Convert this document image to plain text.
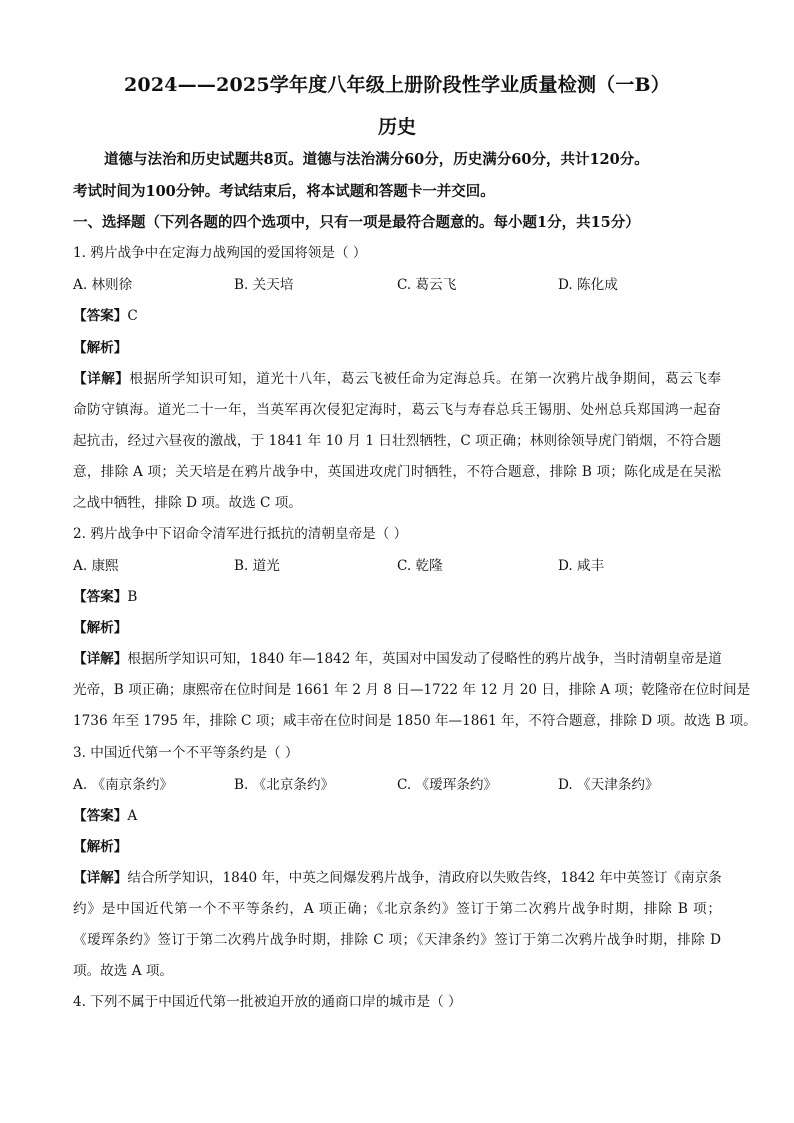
2024——2025学年度八年级上册阶段性学业质量检测（一B）
历史
道德与法治和历史试题共8页。道德与法治满分60分，历史满分60分，共计120分。
考试时间为100分钟。考试结束后，将本试题和答题卡一并交回。
一、选择题（下列各题的四个选项中，只有一项是最符合题意的。每小题1分，共15分）
1. 鸦片战争中在定海力战殉国的爱国将领是（ ）
A. 林则徐	B. 关天培	C. 葛云飞	D. 陈化成
【答案】C
【解析】
【详解】根据所学知识可知，道光十八年，葛云飞被任命为定海总兵。在第一次鸦片战争期间，葛云飞奉
命防守镇海。道光二十一年，当英军再次侵犯定海时，葛云飞与寿春总兵王锡朋、处州总兵郑国鸿一起奋
起抗击，经过六昼夜的激战，于 1841 年 10 月 1 日壮烈牺牲，C 项正确；林则徐领导虎门销烟，不符合题
意，排除 A 项；关天培是在鸦片战争中，英国进攻虎门时牺牲，不符合题意，排除 B 项；陈化成是在吴淞
之战中牺牲，排除 D 项。故选 C 项。
2. 鸦片战争中下诏命令清军进行抵抗的清朝皇帝是（ ）
A. 康熙	B. 道光	C. 乾隆	D. 咸丰
【答案】B
【解析】
【详解】根据所学知识可知，1840 年—1842 年，英国对中国发动了侵略性的鸦片战争，当时清朝皇帝是道
光帝，B 项正确；康熙帝在位时间是 1661 年 2 月 8 日—1722 年 12 月 20 日，排除 A 项；乾隆帝在位时间是
1736 年至 1795 年，排除 C 项；咸丰帝在位时间是 1850 年—1861 年，不符合题意，排除 D 项。故选 B 项。
3. 中国近代第一个不平等条约是（ ）
A. 《南京条约》	B. 《北京条约》	C. 《瑷珲条约》	D. 《天津条约》
【答案】A
【解析】
【详解】结合所学知识，1840 年，中英之间爆发鸦片战争，清政府以失败告终，1842 年中英签订《南京条
约》是中国近代第一个不平等条约，A 项正确；《北京条约》签订于第二次鸦片战争时期，排除 B 项；
《瑷珲条约》签订于第二次鸦片战争时期，排除 C 项；《天津条约》签订于第二次鸦片战争时期，排除 D
项。故选 A 项。
4. 下列不属于中国近代第一批被迫开放的通商口岸的城市是（ ）
